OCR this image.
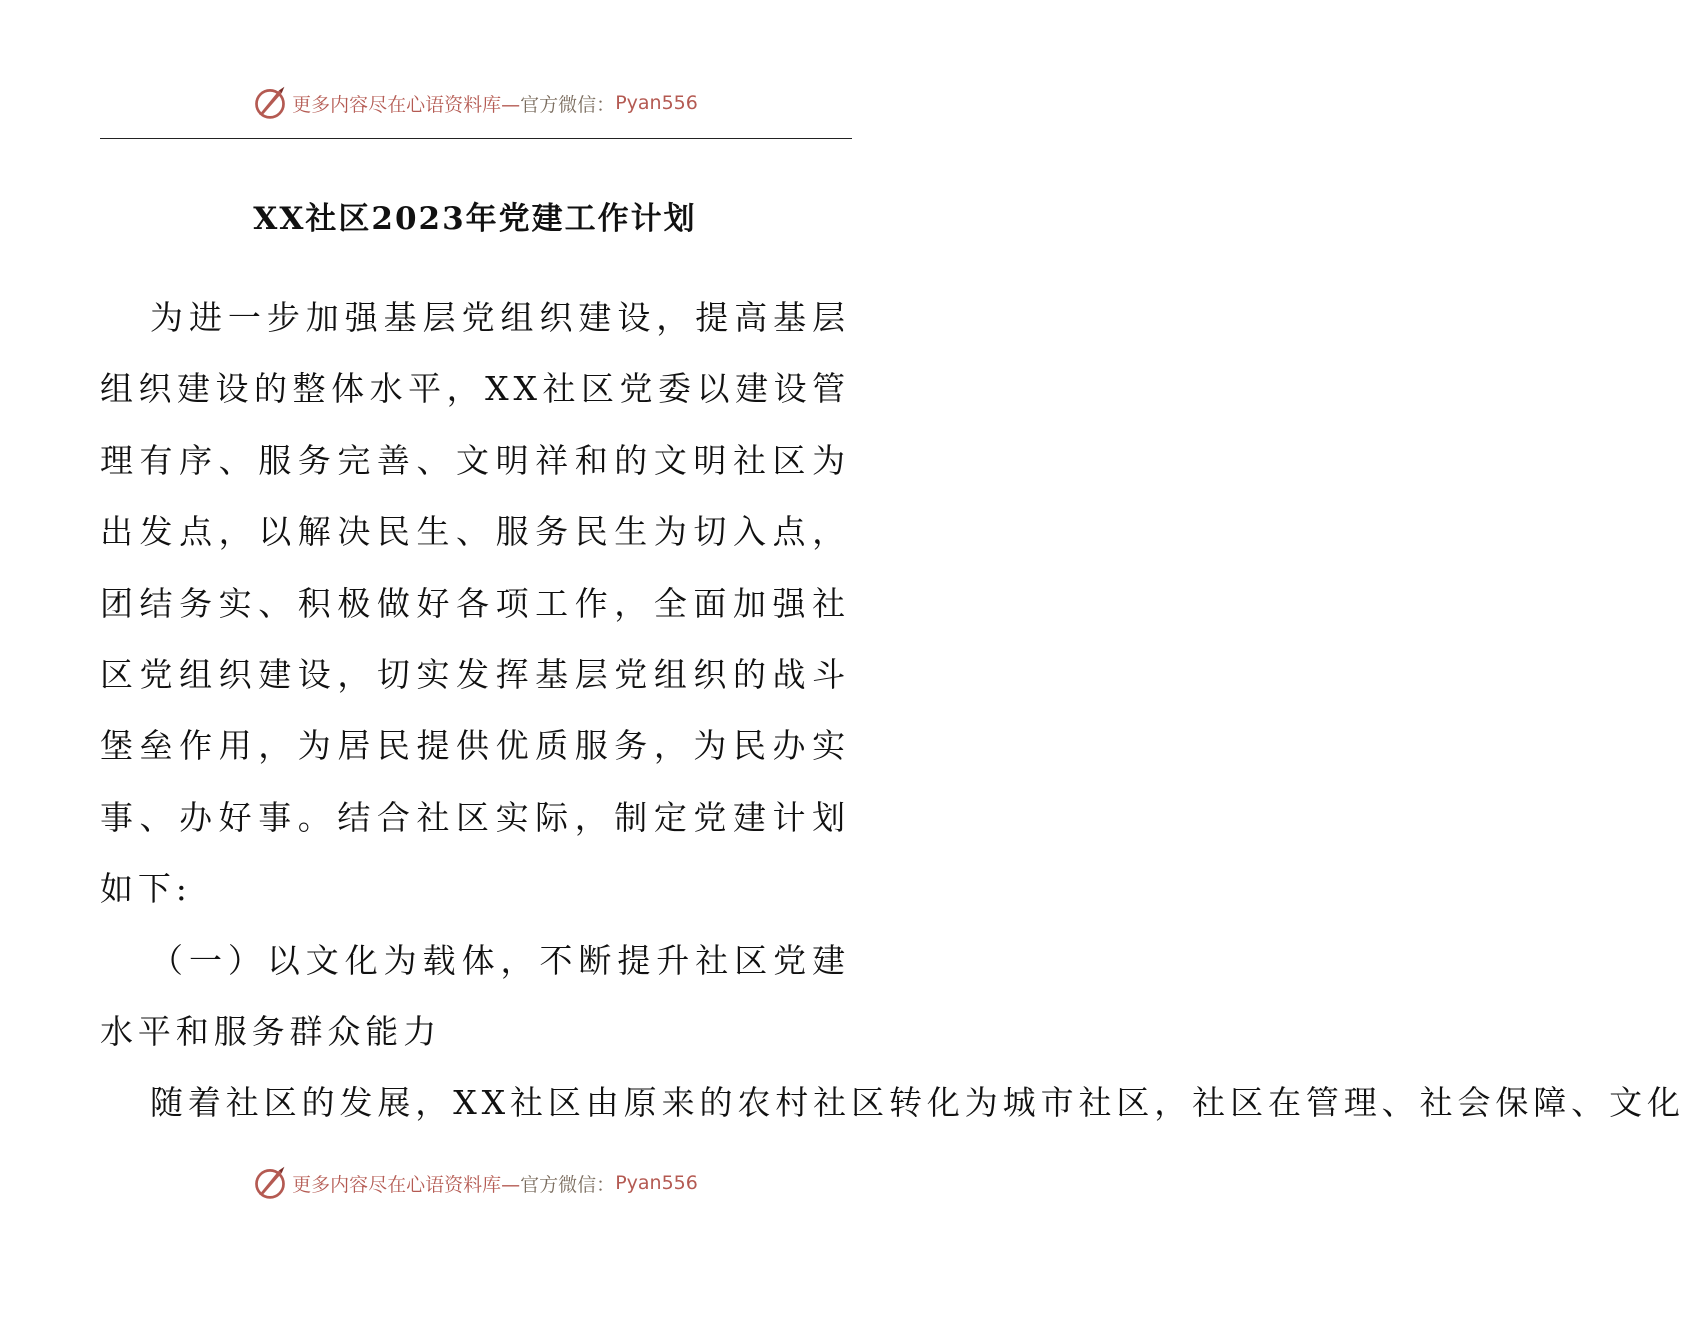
更多内容尽在心语资料库— 官方微信： Pyan556
XX社区2023年党建工作计划

为进一步加强基层党组织建设，提高基层组织建设的整体水平，XX社区党委以建设管理有序、服务完善、文明祥和的文明社区为出发点，以解决民生、服务民生为切入点，团结务实、积极做好各项工作，全面加强社区党组织建设，切实发挥基层党组织的战斗堡垒作用，为居民提供优质服务，为民办实事、办好事。结合社区实际，制定党建计划如下:

（一）以文化为载体，不断提升社区党建水平和服务群众能力

随着社区的发展，XX社区由原来的农村社区转化为城市社区，社区在管理、社会保障、文化

更多内容尽在心语资料库— 官方微信： Pyan556
